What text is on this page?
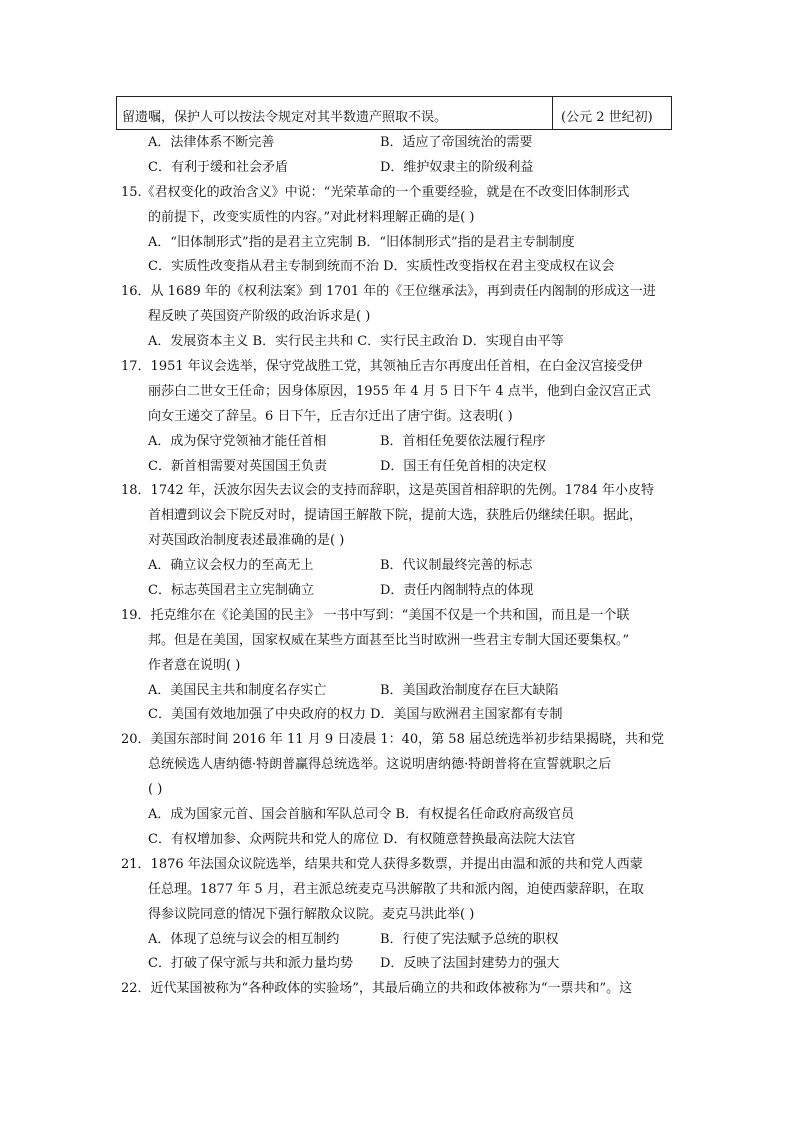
留遗嘱，保护人可以按法令规定对其半数遗产照取不误。	(公元 2 世纪初)
A．法律体系不断完善	B．适应了帝国统治的需要
C．有利于缓和社会矛盾	D．维护奴隶主的阶级利益
15.《君权变化的政治含义》中说：“光荣革命的一个重要经验，就是在不改变旧体制形式
的前提下，改变实质性的内容。”对此材料理解正确的是( )
A．“旧体制形式”指的是君主立宪制 B．“旧体制形式”指的是君主专制制度
C．实质性改变指从君主专制到统而不治 D．实质性改变指权在君主变成权在议会
16．从 1689 年的《权利法案》到 1701 年的《王位继承法》，再到责任内阁制的形成这一进
程反映了英国资产阶级的政治诉求是( )
A．发展资本主义 B．实行民主共和 C．实行民主政治 D．实现自由平等
17．1951 年议会选举，保守党战胜工党，其领袖丘吉尔再度出任首相，在白金汉宫接受伊
丽莎白二世女王任命；因身体原因，1955 年 4 月 5 日下午 4 点半，他到白金汉宫正式
向女王递交了辞呈。6 日下午，丘吉尔迁出了唐宁街。这表明( )
A．成为保守党领袖才能任首相	B．首相任免要依法履行程序
C．新首相需要对英国国王负责	D．国王有任免首相的决定权
18．1742 年，沃波尔因失去议会的支持而辞职，这是英国首相辞职的先例。1784 年小皮特
首相遭到议会下院反对时，提请国王解散下院，提前大选，获胜后仍继续任职。据此，
对英国政治制度表述最准确的是( )
A．确立议会权力的至高无上	B．代议制最终完善的标志
C．标志英国君主立宪制确立	D．责任内阁制特点的体现
19．托克维尔在《论美国的民主》 一书中写到：“美国不仅是一个共和国，而且是一个联
邦。但是在美国，国家权威在某些方面甚至比当时欧洲一些君主专制大国还要集权。”
作者意在说明( )
A．美国民主共和制度名存实亡	B．美国政治制度存在巨大缺陷
C．美国有效地加强了中央政府的权力 D．美国与欧洲君主国家都有专制
20．美国东部时间 2016 年 11 月 9 日凌晨 1：40，第 58 届总统选举初步结果揭晓，共和党
总统候选人唐纳德·特朗普赢得总统选举。这说明唐纳德·特朗普将在宣誓就职之后
( )
A．成为国家元首、国会首脑和军队总司令 B．有权提名任命政府高级官员
C．有权增加参、众两院共和党人的席位 D．有权随意替换最高法院大法官
21．1876 年法国众议院选举，结果共和党人获得多数票，并提出由温和派的共和党人西蒙
任总理。1877 年 5 月，君主派总统麦克马洪解散了共和派内阁，迫使西蒙辞职，在取
得参议院同意的情况下强行解散众议院。麦克马洪此举( )
A．体现了总统与议会的相互制约	B．行使了宪法赋予总统的职权
C．打破了保守派与共和派力量均势 D．反映了法国封建势力的强大
22．近代某国被称为“各种政体的实验场”，其最后确立的共和政体被称为“一票共和”。这
